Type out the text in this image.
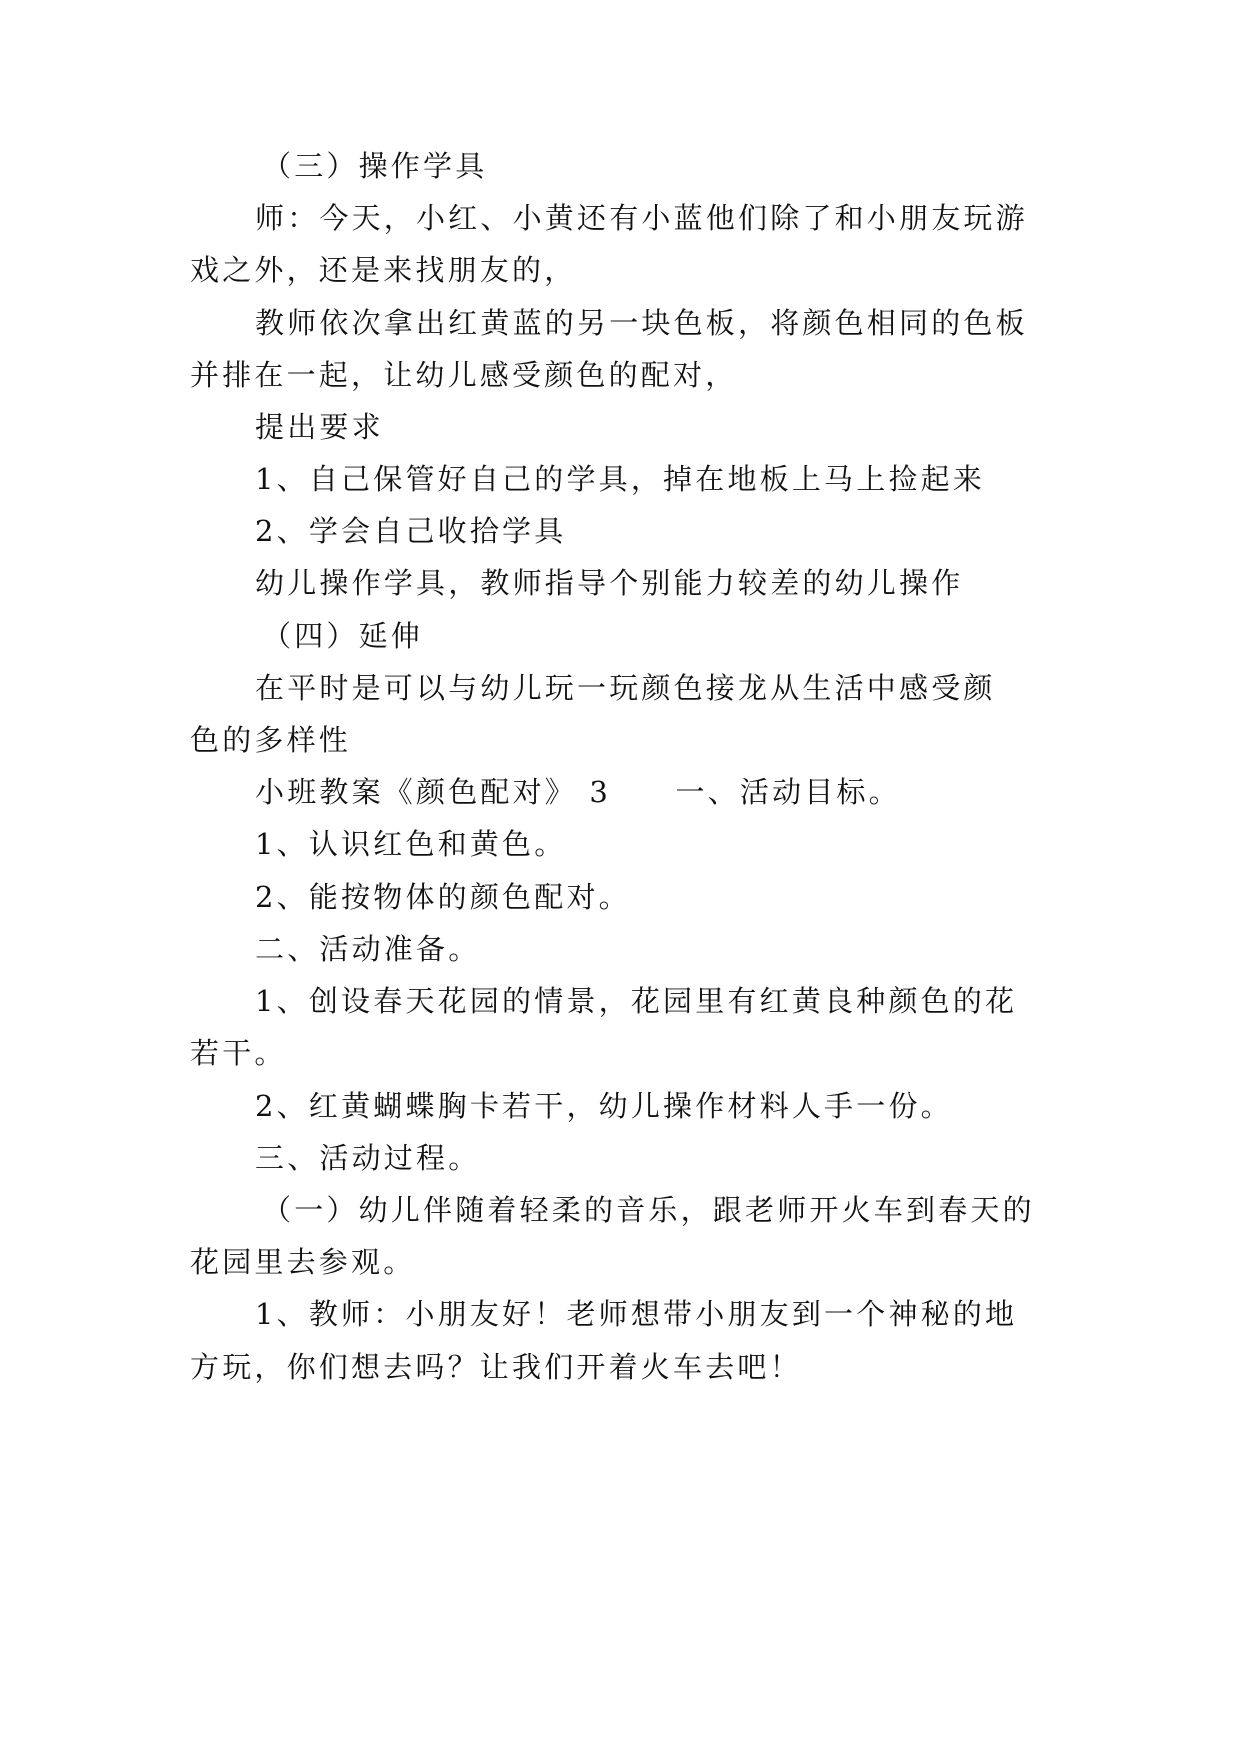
（三）操作学具
师：今天，小红、小黄还有小蓝他们除了和小朋友玩游
戏之外，还是来找朋友的，
教师依次拿出红黄蓝的另一块色板，将颜色相同的色板
并排在一起，让幼儿感受颜色的配对，
提出要求
1、自己保管好自己的学具，掉在地板上马上捡起来
2、学会自己收拾学具
幼儿操作学具，教师指导个别能力较差的幼儿操作
（四）延伸
在平时是可以与幼儿玩一玩颜色接龙从生活中感受颜
色的多样性
小班教案《颜色配对》 3　　一、活动目标。
1、认识红色和黄色。
2、能按物体的颜色配对。
二、活动准备。
1、创设春天花园的情景，花园里有红黄良种颜色的花
若干。
2、红黄蝴蝶胸卡若干，幼儿操作材料人手一份。
三、活动过程。
（一）幼儿伴随着轻柔的音乐，跟老师开火车到春天的
花园里去参观。
1、教师：小朋友好！老师想带小朋友到一个神秘的地
方玩，你们想去吗？让我们开着火车去吧！
